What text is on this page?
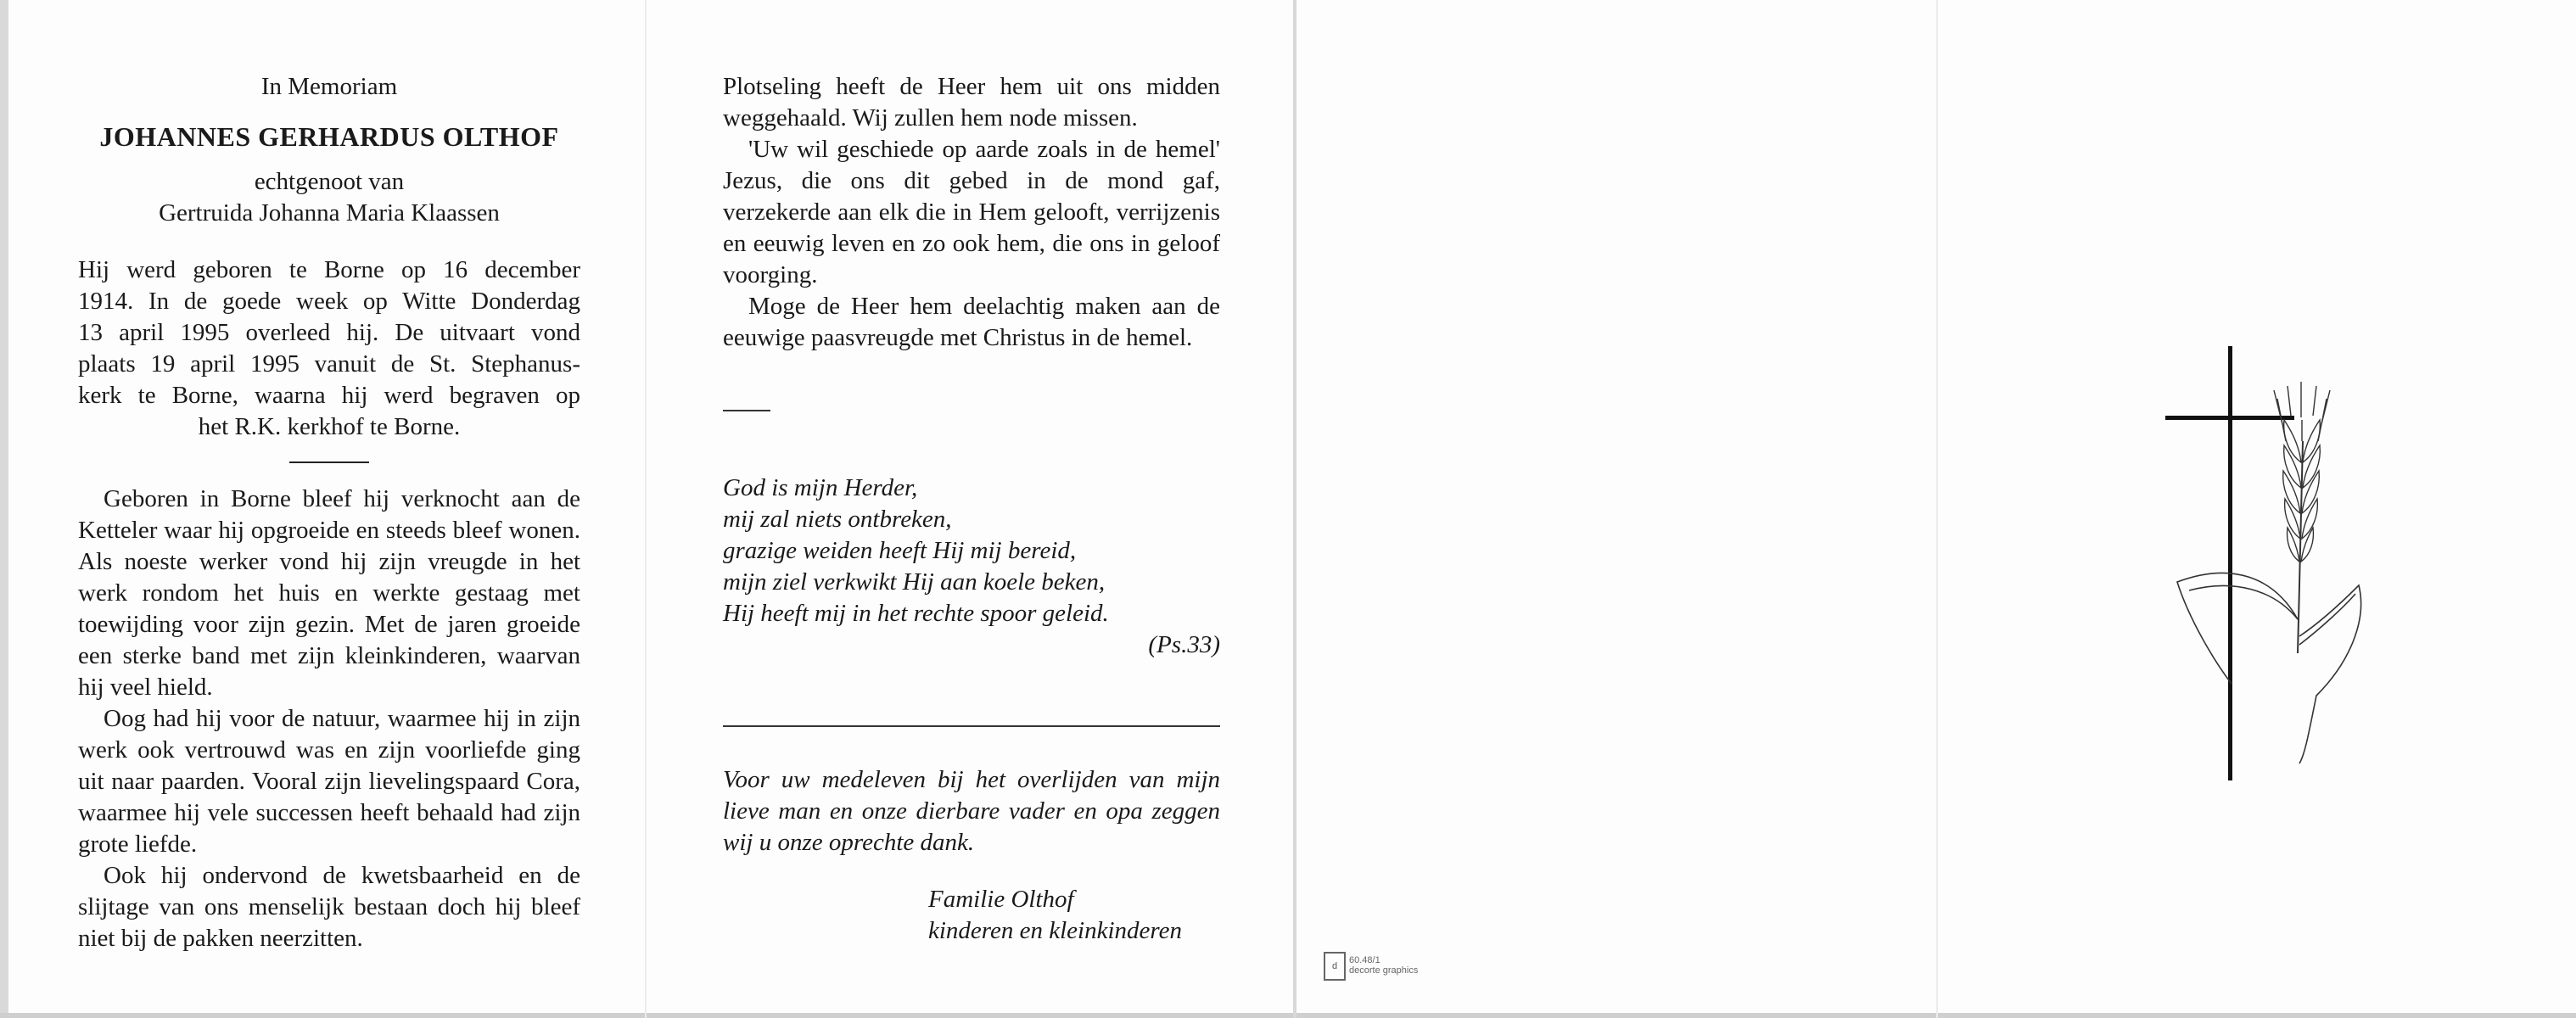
In Memoriam

JOHANNES GERHARDUS OLTHOF

echtgenoot van

Gertruida Johanna Maria Klaassen

Hij werd geboren te Borne op 16 december

1914. In de goede week op Witte Donderdag

13 april 1995 overleed hij. De uitvaart vond

plaats 19 april 1995 vanuit de St. Stephanus-

kerk te Borne, waarna hij werd begraven op

het R.K. kerkhof te Borne.

Geboren in Borne bleef hij verknocht aan de Ketteler waar hij opgroeide en steeds bleef wonen. Als noeste werker vond hij zijn vreugde in het werk rondom het huis en werkte gestaag met toewijding voor zijn gezin. Met de jaren groeide een sterke band met zijn kleinkinderen, waarvan hij veel hield.

Oog had hij voor de natuur, waarmee hij in zijn werk ook vertrouwd was en zijn voorliefde ging uit naar paarden. Vooral zijn lievelingspaard Cora, waarmee hij vele successen heeft behaald had zijn grote liefde.

Ook hij ondervond de kwetsbaarheid en de slijtage van ons menselijk bestaan doch hij bleef niet bij de pakken neerzitten.

Plotseling heeft de Heer hem uit ons midden weggehaald. Wij zullen hem node missen.

'Uw wil geschiede op aarde zoals in de hemel' Jezus, die ons dit gebed in de mond gaf, verzekerde aan elk die in Hem gelooft, verrijzenis en eeuwig leven en zo ook hem, die ons in geloof voorging.

Moge de Heer hem deelachtig maken aan de eeuwige paasvreugde met Christus in de hemel.

God is mijn Herder,

mij zal niets ontbreken,

grazige weiden heeft Hij mij bereid,

mijn ziel verkwikt Hij aan koele beken,

Hij heeft mij in het rechte spoor geleid.

(Ps.33)

Voor uw medeleven bij het overlijden van mijn lieve man en onze dierbare vader en opa zeggen wij u onze oprechte dank.

Familie Olthof

kinderen en kleinkinderen

d
60.48/1
decorte graphics
